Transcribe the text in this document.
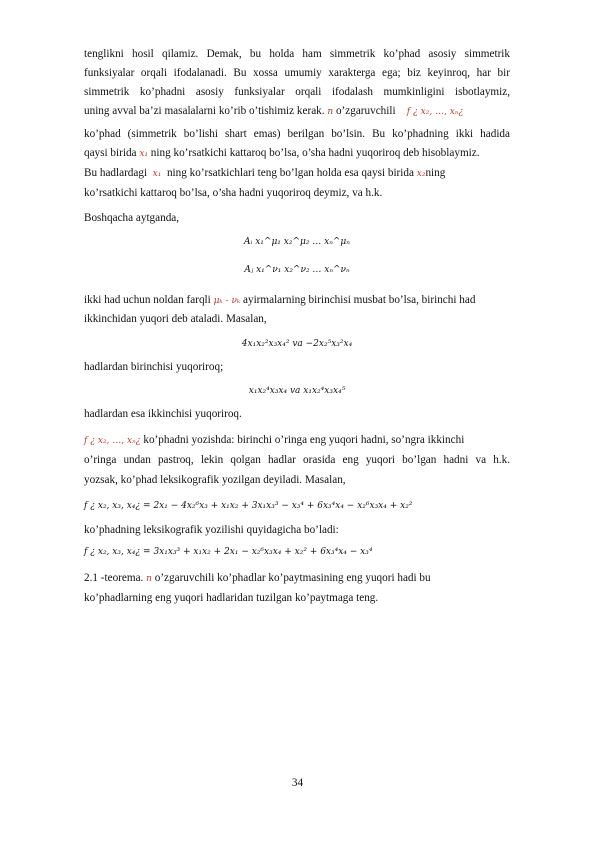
tenglikni hosil qilamiz. Demak, bu holda ham simmetrik ko’phad asosiy simmetrik
funksiyalar orqali ifodalanadi. Bu xossa umumiy xarakterga ega; biz keyinroq, har bir
simmetrik ko’phadni asosiy funksiyalar orqali ifodalash mumkinligini isbotlaymiz,
uning avval ba’zi masalalarni ko’rib o’tishimiz kerak. n o’zgaruvchili f ¿ x₂, …, xₙ¿
ko’phad (simmetrik bo’lishi shart emas) berilgan bo’lsin. Bu ko’phadning ikki hadida
qaysi birida x₁ ning ko’rsatkichi kattaroq bo’lsa, o’sha hadni yuqoriroq deb hisoblaymiz.
Bu hadlardagi x₁ ning ko’rsatkichlari teng bo’lgan holda esa qaysi birida x₂ning
ko’rsatkichi kattaroq bo’lsa, o’sha hadni yuqoriroq deymiz, va h.k.
Boshqacha aytganda,
Aᵢ x₁^μ₁ x₂^μ₂ … xₙ^μₙ
Aⱼ x₁^ν₁ x₂^ν₂ … xₙ^νₙ
ikki had uchun noldan farqli μₖ - νₖ ayirmalarning birinchisi musbat bo’lsa, birinchi had
ikkinchidan yuqori deb ataladi. Masalan,
4x₁x₂²x₃x₄² va −2x₂⁵x₃²x₄
hadlardan birinchisi yuqoriroq;
x₁x₂⁴x₃x₄ va x₁x₂⁴x₃x₄⁵
hadlardan esa ikkinchisi yuqoriroq.
f ¿ x₂, …, xₙ¿ ko’phadni yozishda: birinchi o’ringa eng yuqori hadni, so’ngra ikkinchi
o’ringa undan pastroq, lekin qolgan hadlar orasida eng yuqori bo’lgan hadni va h.k.
yozsak, ko’phad leksikografik yozilgan deyiladi. Masalan,
f ¿ x₂, x₃, x₄¿ = 2x₁ − 4x₂⁶x₃ + x₁x₂ + 3x₁x₃³ − x₃⁴ + 6x₃⁴x₄ − x₂⁶x₃x₄ + x₂²
ko’phadning leksikografik yozilishi quyidagicha bo’ladi:
f ¿ x₂, x₃, x₄¿ = 3x₁x₃³ + x₁x₂ + 2x₁ − x₂⁶x₃x₄ + x₂² + 6x₃⁴x₄ − x₃⁴
2.1 -teorema. n o’zgaruvchili ko’phadlar ko’paytmasining eng yuqori hadi bu
ko’phadlarning eng yuqori hadlaridan tuzilgan ko’paytmaga teng.
34
